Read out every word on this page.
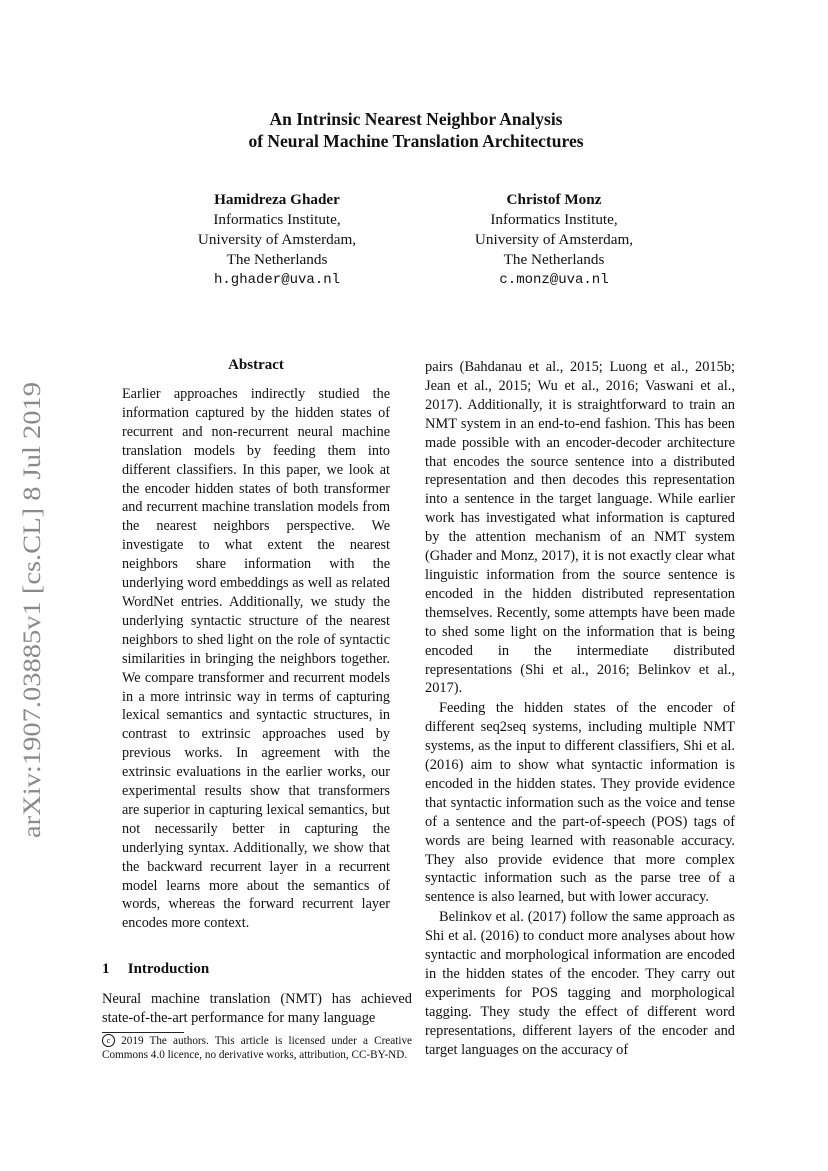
arXiv:1907.03885v1 [cs.CL] 8 Jul 2019
An Intrinsic Nearest Neighbor Analysis
of Neural Machine Translation Architectures
Hamidreza Ghader
Informatics Institute,
University of Amsterdam,
The Netherlands
h.ghader@uva.nl
Christof Monz
Informatics Institute,
University of Amsterdam,
The Netherlands
c.monz@uva.nl
Abstract
Earlier approaches indirectly studied the information captured by the hidden states of recurrent and non-recurrent neural machine translation models by feeding them into different classifiers. In this paper, we look at the encoder hidden states of both transformer and recurrent machine translation models from the nearest neighbors perspective. We investigate to what extent the nearest neighbors share information with the underlying word embeddings as well as related WordNet entries. Additionally, we study the underlying syntactic structure of the nearest neighbors to shed light on the role of syntactic similarities in bringing the neighbors together. We compare transformer and recurrent models in a more intrinsic way in terms of capturing lexical semantics and syntactic structures, in contrast to extrinsic approaches used by previous works. In agreement with the extrinsic evaluations in the earlier works, our experimental results show that transformers are superior in capturing lexical semantics, but not necessarily better in capturing the underlying syntax. Additionally, we show that the backward recurrent layer in a recurrent model learns more about the semantics of words, whereas the forward recurrent layer encodes more context.
1 Introduction

Neural machine translation (NMT) has achieved state-of-the-art performance for many language

c 2019 The authors. This article is licensed under a Creative Commons 4.0 licence, no derivative works, attribution, CC-BY-ND.

pairs (Bahdanau et al., 2015; Luong et al., 2015b; Jean et al., 2015; Wu et al., 2016; Vaswani et al., 2017). Additionally, it is straightforward to train an NMT system in an end-to-end fashion. This has been made possible with an encoder-decoder architecture that encodes the source sentence into a distributed representation and then decodes this representation into a sentence in the target language. While earlier work has investigated what information is captured by the attention mechanism of an NMT system (Ghader and Monz, 2017), it is not exactly clear what linguistic information from the source sentence is encoded in the hidden distributed representation themselves. Recently, some attempts have been made to shed some light on the information that is being encoded in the intermediate distributed representations (Shi et al., 2016; Belinkov et al., 2017).

Feeding the hidden states of the encoder of different seq2seq systems, including multiple NMT systems, as the input to different classifiers, Shi et al. (2016) aim to show what syntactic information is encoded in the hidden states. They provide evidence that syntactic information such as the voice and tense of a sentence and the part-of-speech (POS) tags of words are being learned with reasonable accuracy. They also provide evidence that more complex syntactic information such as the parse tree of a sentence is also learned, but with lower accuracy.

Belinkov et al. (2017) follow the same approach as Shi et al. (2016) to conduct more analyses about how syntactic and morphological information are encoded in the hidden states of the encoder. They carry out experiments for POS tagging and morphological tagging. They study the effect of different word representations, different layers of the encoder and target languages on the accuracy of
